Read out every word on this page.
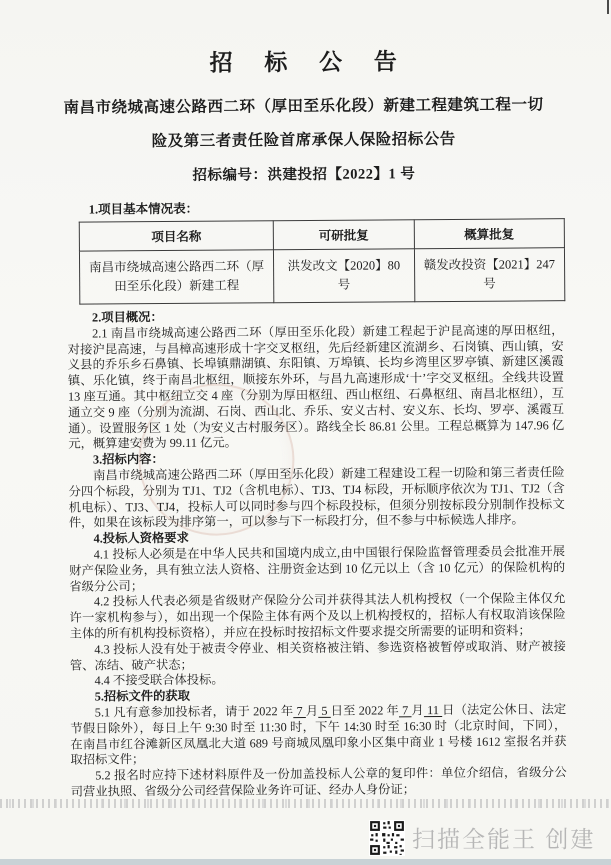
招 标 公 告
南昌市绕城高速公路西二环（厚田至乐化段）新建工程建筑工程一切
险及第三者责任险首席承保人保险招标公告
招标编号：洪建投招【2022】1 号
1.项目基本情况表：
项目名称	可研批复	概算批复
南昌市绕城高速公路西二环（厚田至乐化段）新建工程	洪发改文【2020】80 号	赣发改投资【2021】247 号

2.项目概况：

2.1 南昌市绕城高速公路西二环（厚田至乐化段）新建工程起于沪昆高速的厚田枢纽，对接沪昆高速，与昌樟高速形成十字交叉枢纽，先后经新建区流湖乡、石岗镇、西山镇，安义县的乔乐乡石鼻镇、长埠镇鼎湖镇、东阳镇、万埠镇、长均乡湾里区罗亭镇、新建区溪霞镇、乐化镇，终于南昌北枢纽，顺接东外环，与昌九高速形成‘十’字交叉枢纽。全线共设置 13 座互通。其中枢纽立交 4 座（分别为厚田枢纽、西山枢纽、石鼻枢纽、南昌北枢纽），互通立交 9 座（分别为流湖、石岗、西山北、乔乐、安义古村、安义东、长均、罗亭、溪霞互通）。设置服务区 1 处（为安义古村服务区）。路线全长 86.81 公里。工程总概算为 147.96 亿元，概算建安费为 99.11 亿元。

3.招标内容：

南昌市绕城高速公路西二环（厚田至乐化段）新建工程建设工程一切险和第三者责任险分四个标段，分别为 TJ1、TJ2（含机电标）、TJ3、TJ4 标段，开标顺序依次为 TJ1、TJ2（含机电标）、TJ3、TJ4，投标人可以同时参与四个标段投标，但须分别按标段分别制作投标文件，如果在该标段为排序第一，可以参与下一标段打分，但不参与中标候选人排序。

4.投标人资格要求

4.1 投标人必须是在中华人民共和国境内成立,由中国银行保险监督管理委员会批准开展财产保险业务，具有独立法人资格、注册资金达到 10 亿元以上（含 10 亿元）的保险机构的省级分公司；

4.2 投标人代表必须是省级财产保险分公司并获得其法人机构授权（一个保险主体仅允许一家机构参与），如出现一个保险主体有两个及以上机构授权的，招标人有权取消该保险主体的所有机构投标资格），并应在投标时按招标文件要求提交所需要的证明和资料；

4.3 投标人没有处于被责令停业、相关资格被注销、参选资格被暂停或取消、财产被接管、冻结、破产状态；

4.4 不接受联合体投标。

5.招标文件的获取

5.1 凡有意参加投标者，请于 2022 年 7 月 5 日至 2022 年 7 月 11 日（法定公休日、法定节假日除外），每日上午 9:30 时至 11:30 时，下午 14:30 时至 16:30 时（北京时间，下同），在南昌市红谷滩新区凤凰北大道 689 号商城凤凰印象小区集中商业 1 号楼 1612 室报名并获取招标文件；

5.2 报名时应持下述材料原件及一份加盖投标人公章的复印件：单位介绍信，省级分公司营业执照、省级分公司经营保险业务许可证、经办人身份证；

扫描全能王 创建
